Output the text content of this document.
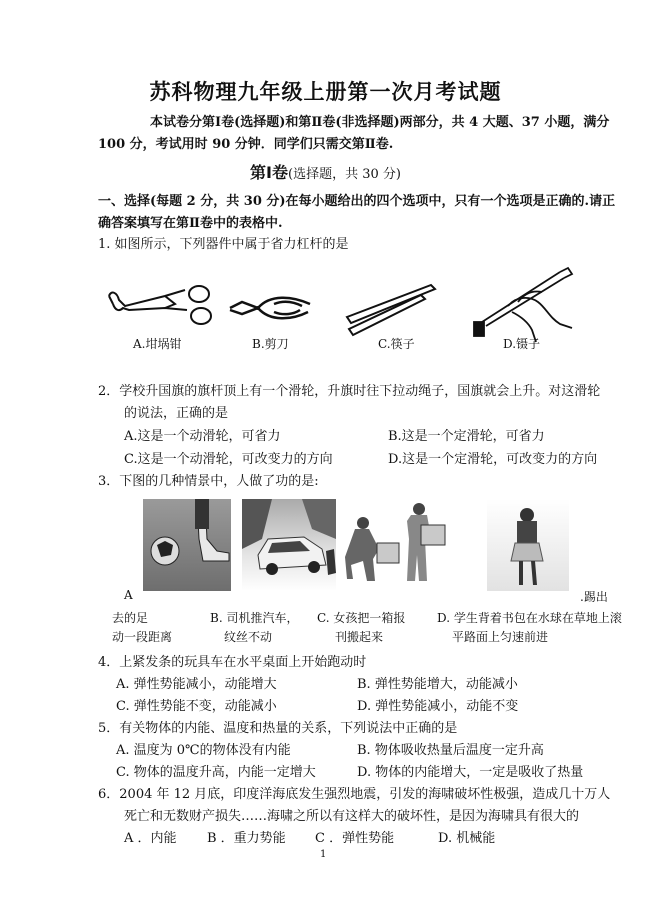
苏科物理九年级上册第一次月考试题
本试卷分第Ⅰ卷(选择题)和第Ⅱ卷(非选择题)两部分，共 4 大题、37 小题，满分
100 分，考试用时 90 分钟．同学们只需交第Ⅱ卷.
第Ⅰ卷(选择题，共 30 分)
一、选择(每题 2 分，共 30 分)在每小题给出的四个选项中，只有一个选项是正确的.请正
确答案填写在第Ⅱ卷中的表格中.
1. 如图所示，下列器件中属于省力杠杆的是
A.坩埚钳	B.剪刀	C.筷子	D.镊子
2．学校升国旗的旗杆顶上有一个滑轮，升旗时往下拉动绳子，国旗就会上升。对这滑轮
的说法，正确的是
A.这是一个动滑轮，可省力	B.这是一个定滑轮，可省力
C.这是一个动滑轮，可改变力的方向	D.这是一个定滑轮，可改变力的方向
3．下图的几种情景中，人做了功的是:
A	.踢出
去的足
动一段距离
B. 司机推汽车，
纹丝不动
C. 女孩把一箱报
刊搬起来
D. 学生背着书包在水球在草地上滚
平路面上匀速前进
4．上紧发条的玩具车在水平桌面上开始跑动时
A. 弹性势能减小，动能增大	B. 弹性势能增大，动能减小
C. 弹性势能不变，动能减小	D. 弹性势能减小，动能不变
5．有关物体的内能、温度和热量的关系，下列说法中正确的是
A. 温度为 0℃的物体没有内能	B. 物体吸收热量后温度一定升高
C. 物体的温度升高，内能一定增大	D. 物体的内能增大，一定是吸收了热量
6．2004 年 12 月底，印度洋海底发生强烈地震，引发的海啸破坏性极强，造成几十万人
死亡和无数财产损失……海啸之所以有这样大的破坏性，是因为海啸具有很大的
A ．内能 B ．重力势能 C ．弹性势能	D. 机械能
1
